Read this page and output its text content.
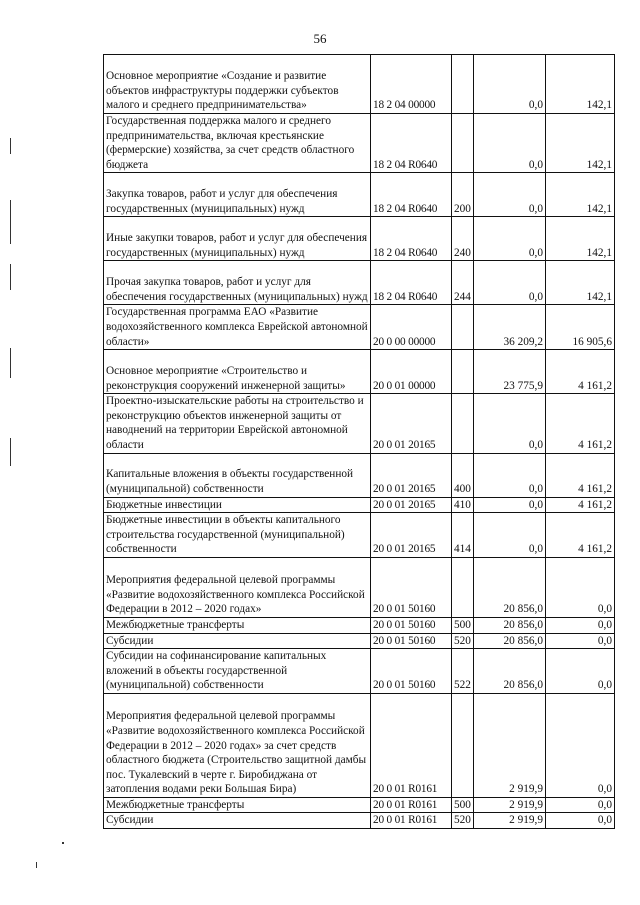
56
Основное мероприятие «Создание и развитие объектов инфраструктуры поддержки субъектов малого и среднего предпринимательства»	18 2 04 00000		0,0	142,1
Государственная поддержка малого и среднего предпринимательства, включая крестьянские (фермерские) хозяйства, за счет средств областного бюджета	18 2 04 R0640		0,0	142,1
Закупка товаров, работ и услуг для обеспечения государственных (муниципальных) нужд	18 2 04 R0640	200	0,0	142,1
Иные закупки товаров, работ и услуг для обеспечения государственных (муниципальных) нужд	18 2 04 R0640	240	0,0	142,1
Прочая закупка товаров, работ и услуг для обеспечения государственных (муниципальных) нужд	18 2 04 R0640	244	0,0	142,1
Государственная программа ЕАО «Развитие водохозяйственного комплекса Еврейской автономной области»	20 0 00 00000		36 209,2	16 905,6
Основное мероприятие «Строительство и реконструкция сооружений инженерной защиты»	20 0 01 00000		23 775,9	4 161,2
Проектно-изыскательские работы на строительство и реконструкцию объектов инженерной защиты от наводнений на территории Еврейской автономной области	20 0 01 20165		0,0	4 161,2
Капитальные вложения в объекты государственной (муниципальной) собственности	20 0 01 20165	400	0,0	4 161,2
Бюджетные инвестиции	20 0 01 20165	410	0,0	4 161,2
Бюджетные инвестиции в объекты капитального строительства государственной (муниципальной) собственности	20 0 01 20165	414	0,0	4 161,2
Мероприятия федеральной целевой программы «Развитие водохозяйственного комплекса Российской Федерации в 2012 – 2020 годах»	20 0 01 50160		20 856,0	0,0
Межбюджетные трансферты	20 0 01 50160	500	20 856,0	0,0
Субсидии	20 0 01 50160	520	20 856,0	0,0
Субсидии на софинансирование капитальных вложений в объекты государственной (муниципальной) собственности	20 0 01 50160	522	20 856,0	0,0
Мероприятия федеральной целевой программы «Развитие водохозяйственного комплекса Российской Федерации в 2012 – 2020 годах» за счет средств областного бюджета (Строительство защитной дамбы пос. Тукалевский в черте г. Биробиджана от затопления водами реки Большая Бира)	20 0 01 R0161		2 919,9	0,0
Межбюджетные трансферты	20 0 01 R0161	500	2 919,9	0,0
Субсидии	20 0 01 R0161	520	2 919,9	0,0
